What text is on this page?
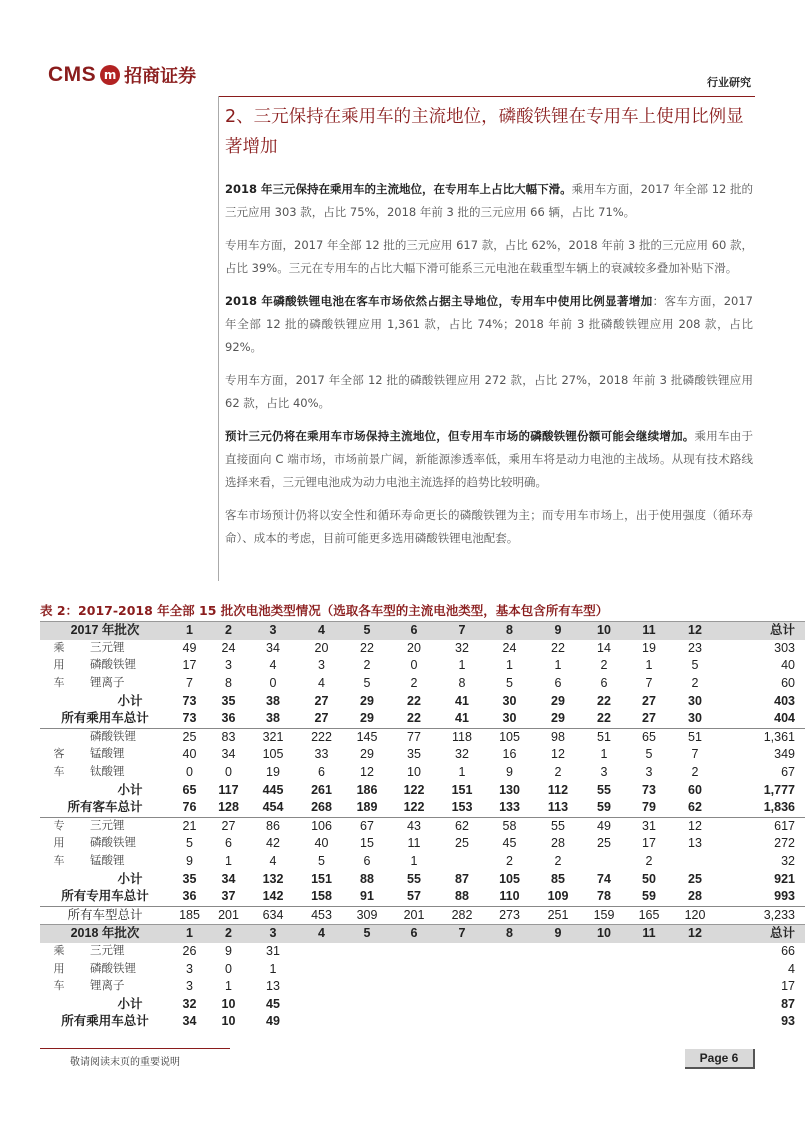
CMS m 招商证券	行业研究
2、三元保持在乘用车的主流地位，磷酸铁锂在专用车上使用比例显著增加

2018 年三元保持在乘用车的主流地位，在专用车上占比大幅下滑。乘用车方面，2017 年全部 12 批的三元应用 303 款，占比 75%，2018 年前 3 批的三元应用 66 辆，占比 71%。

专用车方面，2017 年全部 12 批的三元应用 617 款，占比 62%，2018 年前 3 批的三元应用 60 款，占比 39%。三元在专用车的占比大幅下滑可能系三元电池在载重型车辆上的衰减较多叠加补贴下滑。

2018 年磷酸铁锂电池在客车市场依然占据主导地位，专用车中使用比例显著增加：客车方面，2017 年全部 12 批的磷酸铁锂应用 1,361 款，占比 74%；2018 年前 3 批磷酸铁锂应用 208 款，占比 92%。

专用车方面，2017 年全部 12 批的磷酸铁锂应用 272 款，占比 27%，2018 年前 3 批磷酸铁锂应用 62 款，占比 40%。

预计三元仍将在乘用车市场保持主流地位，但专用车市场的磷酸铁锂份额可能会继续增加。乘用车由于直接面向 C 端市场，市场前景广阔，新能源渗透率低，乘用车将是动力电池的主战场。从现有技术路线选择来看，三元锂电池成为动力电池主流选择的趋势比较明确。

客车市场预计仍将以安全性和循环寿命更长的磷酸铁锂为主；而专用车市场上，出于使用强度（循环寿命）、成本的考虑，目前可能更多选用磷酸铁锂电池配套。

表 2：2017-2018 年全部 15 批次电池类型情况（选取各车型的主流电池类型，基本包含所有车型）
2017 年批次		1	2	3	4	5	6	7	8	9	10	11	12	总计
乘	三元锂	49	24	34	20	22	20	32	24	22	14	19	23	303
用	磷酸铁锂	17	3	4	3	2	0	1	1	1	2	1	5	40
车	锂离子	7	8	0	4	5	2	8	5	6	6	7	2	60
小计		73	35	38	27	29	22	41	30	29	22	27	30	403
所有乘用车总计		73	36	38	27	29	22	41	30	29	22	27	30	404
	磷酸铁锂	25	83	321	222	145	77	118	105	98	51	65	51	1,361
客	锰酸锂	40	34	105	33	29	35	32	16	12	1	5	7	349
车	钛酸锂	0	0	19	6	12	10	1	9	2	3	3	2	67
小计		65	117	445	261	186	122	151	130	112	55	73	60	1,777
所有客车总计		76	128	454	268	189	122	153	133	113	59	79	62	1,836
专	三元锂	21	27	86	106	67	43	62	58	55	49	31	12	617
用	磷酸铁锂	5	6	42	40	15	11	25	45	28	25	17	13	272
车	锰酸锂	9	1	4	5	6	1		2	2		2		32
小计		35	34	132	151	88	55	87	105	85	74	50	25	921
所有专用车总计		36	37	142	158	91	57	88	110	109	78	59	28	993
所有车型总计		185	201	634	453	309	201	282	273	251	159	165	120	3,233
2018 年批次		1	2	3	4	5	6	7	8	9	10	11	12	总计
乘	三元锂	26	9	31										66
用	磷酸铁锂	3	0	1										4
车	锂离子	3	1	13										17
小计		32	10	45										87
所有乘用车总计		34	10	49										93
敬请阅读末页的重要说明	Page 6
